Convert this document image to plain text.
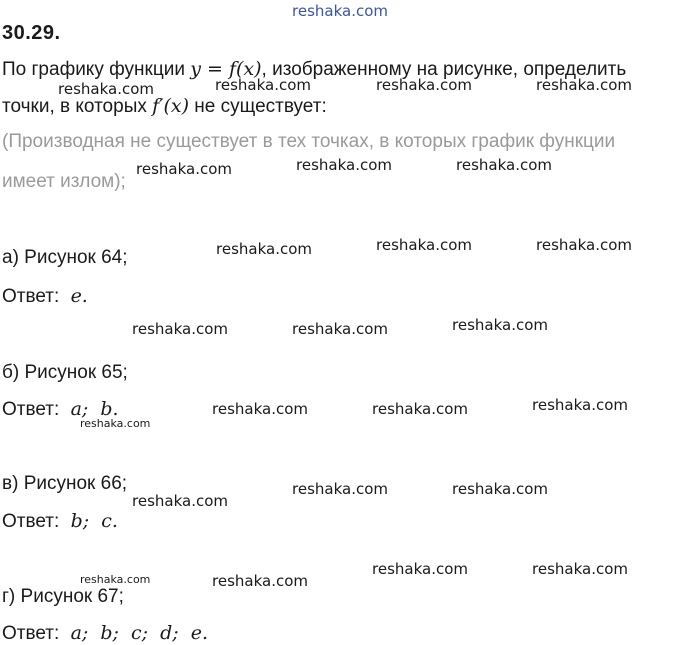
reshaka.com
30.29.
По графику функции y = f(x), изображенному на рисунке, определить
точки, в которых f′(x) не существует:
(Производная не существует в тех точках, в которых график функции
имеет излом);
а) Рисунок 64;
Ответ: e.
б) Рисунок 65;
Ответ: a;  b.
в) Рисунок 66;
Ответ: b;  c.
г) Рисунок 67;
Ответ: a;  b;  c;  d;  e.
reshaka.com	reshaka.com	reshaka.com	reshaka.com
reshaka.com	reshaka.com	reshaka.com
reshaka.com	reshaka.com	reshaka.com
reshaka.com	reshaka.com	reshaka.com
reshaka.com	reshaka.com	reshaka.com
reshaka.com
reshaka.com
reshaka.com	reshaka.com
reshaka.com	reshaka.com
reshaka.com	reshaka.com
